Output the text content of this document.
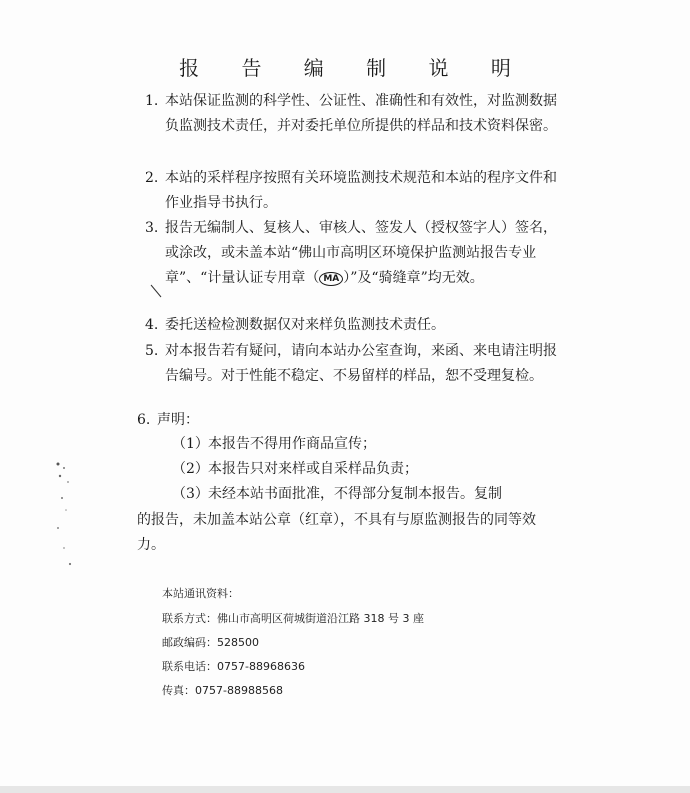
报 告 编 制 说 明
1. 本站保证监测的科学性、公证性、准确性和有效性，对监测数据负监测技术责任，并对委托单位所提供的样品和技术资料保密。
2. 本站的采样程序按照有关环境监测技术规范和本站的程序文件和作业指导书执行。
3. 报告无编制人、复核人、审核人、签发人（授权签字人）签名，或涂改，或未盖本站“佛山市高明区环境保护监测站报告专业章”、“计量认证专用章（ MA ）”及“骑缝章”均无效。
4. 委托送检检测数据仅对来样负监测技术责任。
5. 对本报告若有疑问，请向本站办公室查询，来函、来电请注明报告编号。对于性能不稳定、不易留样的样品，恕不受理复检。
6. 声明：
（1）本报告不得用作商品宣传；
（2）本报告只对来样或自采样品负责；
（3）未经本站书面批准，不得部分复制本报告。复制
的报告，未加盖本站公章（红章），不具有与原监测报告的同等效力。
本站通讯资料：
联系方式：佛山市高明区荷城街道沿江路 318 号 3 座
邮政编码：528500
联系电话：0757-88968636
传真：0757-88988568
